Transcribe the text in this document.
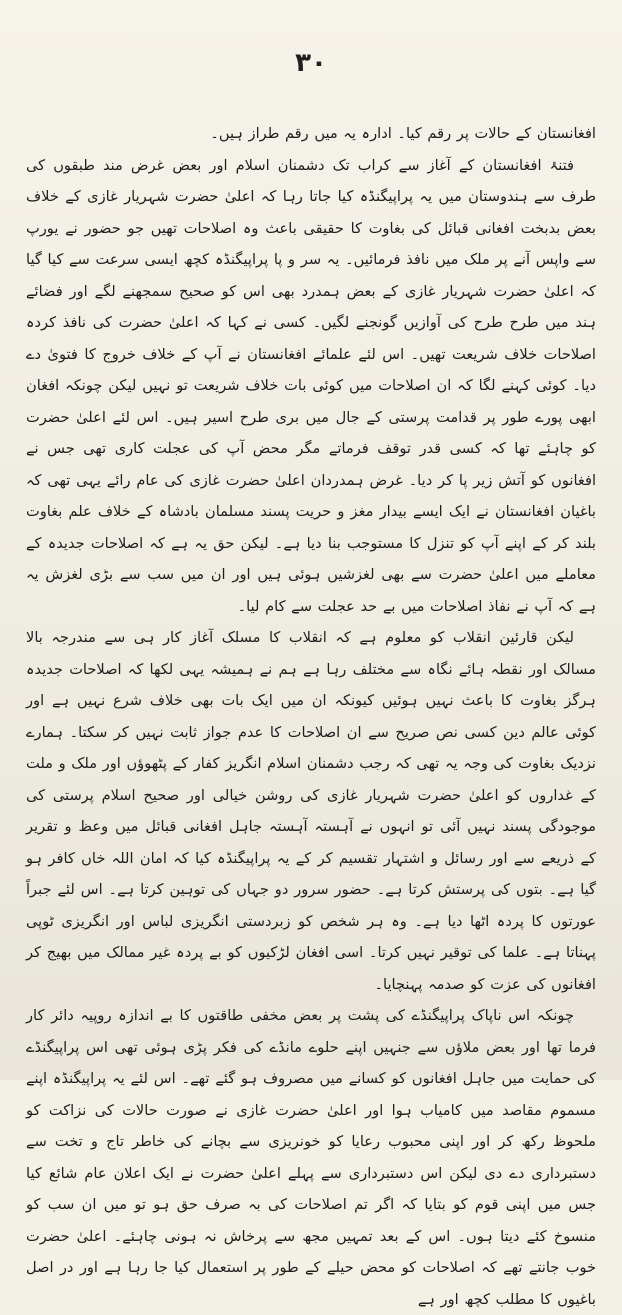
۳۰

افغانستان کے حالات پر رقم کیا۔ ادارہ یہ میں رقم طراز ہیں۔

فتنۂ افغانستان کے آغاز سے کراب تک دشمنان اسلام اور بعض غرض مند طبقوں کی طرف سے ہندوستان میں یہ پراپیگنڈہ کیا جاتا رہا کہ اعلیٰ حضرت شہریار غازی کے خلاف بعض بدبخت افغانی قبائل کی بغاوت کا حقیقی باعث وہ اصلاحات تھیں جو حضور نے یورپ سے واپس آنے پر ملک میں نافذ فرمائیں۔ یہ سر و پا پراپیگنڈہ کچھ ایسی سرعت سے کیا گیا کہ اعلیٰ حضرت شہریار غازی کے بعض ہمدرد بھی اس کو صحیح سمجھنے لگے اور فضائے ہند میں طرح طرح کی آوازیں گونجنے لگیں۔ کسی نے کہا کہ اعلیٰ حضرت کی نافذ کردہ اصلاحات خلاف شریعت تھیں۔ اس لئے علمائے افغانستان نے آپ کے خلاف خروج کا فتویٰ دے دیا۔ کوئی کہنے لگا کہ ان اصلاحات میں کوئی بات خلاف شریعت تو نہیں لیکن چونکہ افغان ابھی پورے طور پر قدامت پرستی کے جال میں بری طرح اسیر ہیں۔ اس لئے اعلیٰ حضرت کو چاہئے تھا کہ کسی قدر توقف فرماتے مگر محض آپ کی عجلت کاری تھی جس نے افغانوں کو آتش زیر پا کر دیا۔ غرض ہمدردان اعلیٰ حضرت غازی کی عام رائے یہی تھی کہ باغیان افغانستان نے ایک ایسے بیدار مغز و حریت پسند مسلمان بادشاہ کے خلاف علم بغاوت بلند کر کے اپنے آپ کو تنزل کا مستوجب بنا دیا ہے۔ لیکن حق یہ ہے کہ اصلاحات جدیدہ کے معاملے میں اعلیٰ حضرت سے بھی لغزشیں ہوئی ہیں اور ان میں سب سے بڑی لغزش یہ ہے کہ آپ نے نفاذ اصلاحات میں بے حد عجلت سے کام لیا۔

لیکن قارئین انقلاب کو معلوم ہے کہ انقلاب کا مسلک آغاز کار ہی سے مندرجہ بالا مسالک اور نقطہ ہائے نگاہ سے مختلف رہا ہے ہم نے ہمیشہ یہی لکھا کہ اصلاحات جدیدہ ہرگز بغاوت کا باعث نہیں ہوئیں کیونکہ ان میں ایک بات بھی خلاف شرع نہیں ہے اور کوئی عالم دین کسی نص صریح سے ان اصلاحات کا عدم جواز ثابت نہیں کر سکتا۔ ہمارے نزدیک بغاوت کی وجہ یہ تھی کہ رجب دشمنان اسلام انگریز کفار کے پٹھوؤں اور ملک و ملت کے غداروں کو اعلیٰ حضرت شہریار غازی کی روشن خیالی اور صحیح اسلام پرستی کی موجودگی پسند نہیں آئی تو انہوں نے آہستہ آہستہ جاہل افغانی قبائل میں وعظ و تقریر کے ذریعے سے اور رسائل و اشتہار تقسیم کر کے یہ پراپیگنڈہ کیا کہ امان اللہ خاں کافر ہو گیا ہے۔ بتوں کی پرستش کرتا ہے۔ حضور سرور دو جہاں کی توہین کرتا ہے۔ اس لئے جبراً عورتوں کا پردہ اٹھا دیا ہے۔ وہ ہر شخص کو زبردستی انگریزی لباس اور انگریزی ٹوپی پہناتا ہے۔ علما کی توقیر نہیں کرتا۔ اسی افغان لڑکیوں کو بے پردہ غیر ممالک میں بھیج کر افغانوں کی عزت کو صدمہ پہنچایا۔

چونکہ اس ناپاک پراپیگنڈے کی پشت پر بعض مخفی طاقتوں کا بے اندازہ روپیہ دائر کار فرما تھا اور بعض ملاؤں سے جنہیں اپنے حلوے مانڈے کی فکر پڑی ہوئی تھی اس پراپیگنڈے کی حمایت میں جاہل افغانوں کو کسانے میں مصروف ہو گئے تھے۔ اس لئے یہ پراپیگنڈہ اپنے مسموم مقاصد میں کامیاب ہوا اور اعلیٰ حضرت غازی نے صورت حالات کی نزاکت کو ملحوظ رکھ کر اور اپنی محبوب رعایا کو خونریزی سے بچانے کی خاطر تاج و تخت سے دستبرداری دے دی لیکن اس دستبرداری سے پہلے اعلیٰ حضرت نے ایک اعلان عام شائع کیا جس میں اپنی قوم کو بتایا کہ اگر تم اصلاحات کی بہ صرف حق ہو تو میں ان سب کو منسوخ کئے دیتا ہوں۔ اس کے بعد تمہیں مجھ سے پرخاش نہ ہونی چاہئے۔ اعلیٰ حضرت خوب جانتے تھے کہ اصلاحات کو محض حیلے کے طور پر استعمال کیا جا رہا ہے اور در اصل باغیوں کا مطلب کچھ اور ہے
